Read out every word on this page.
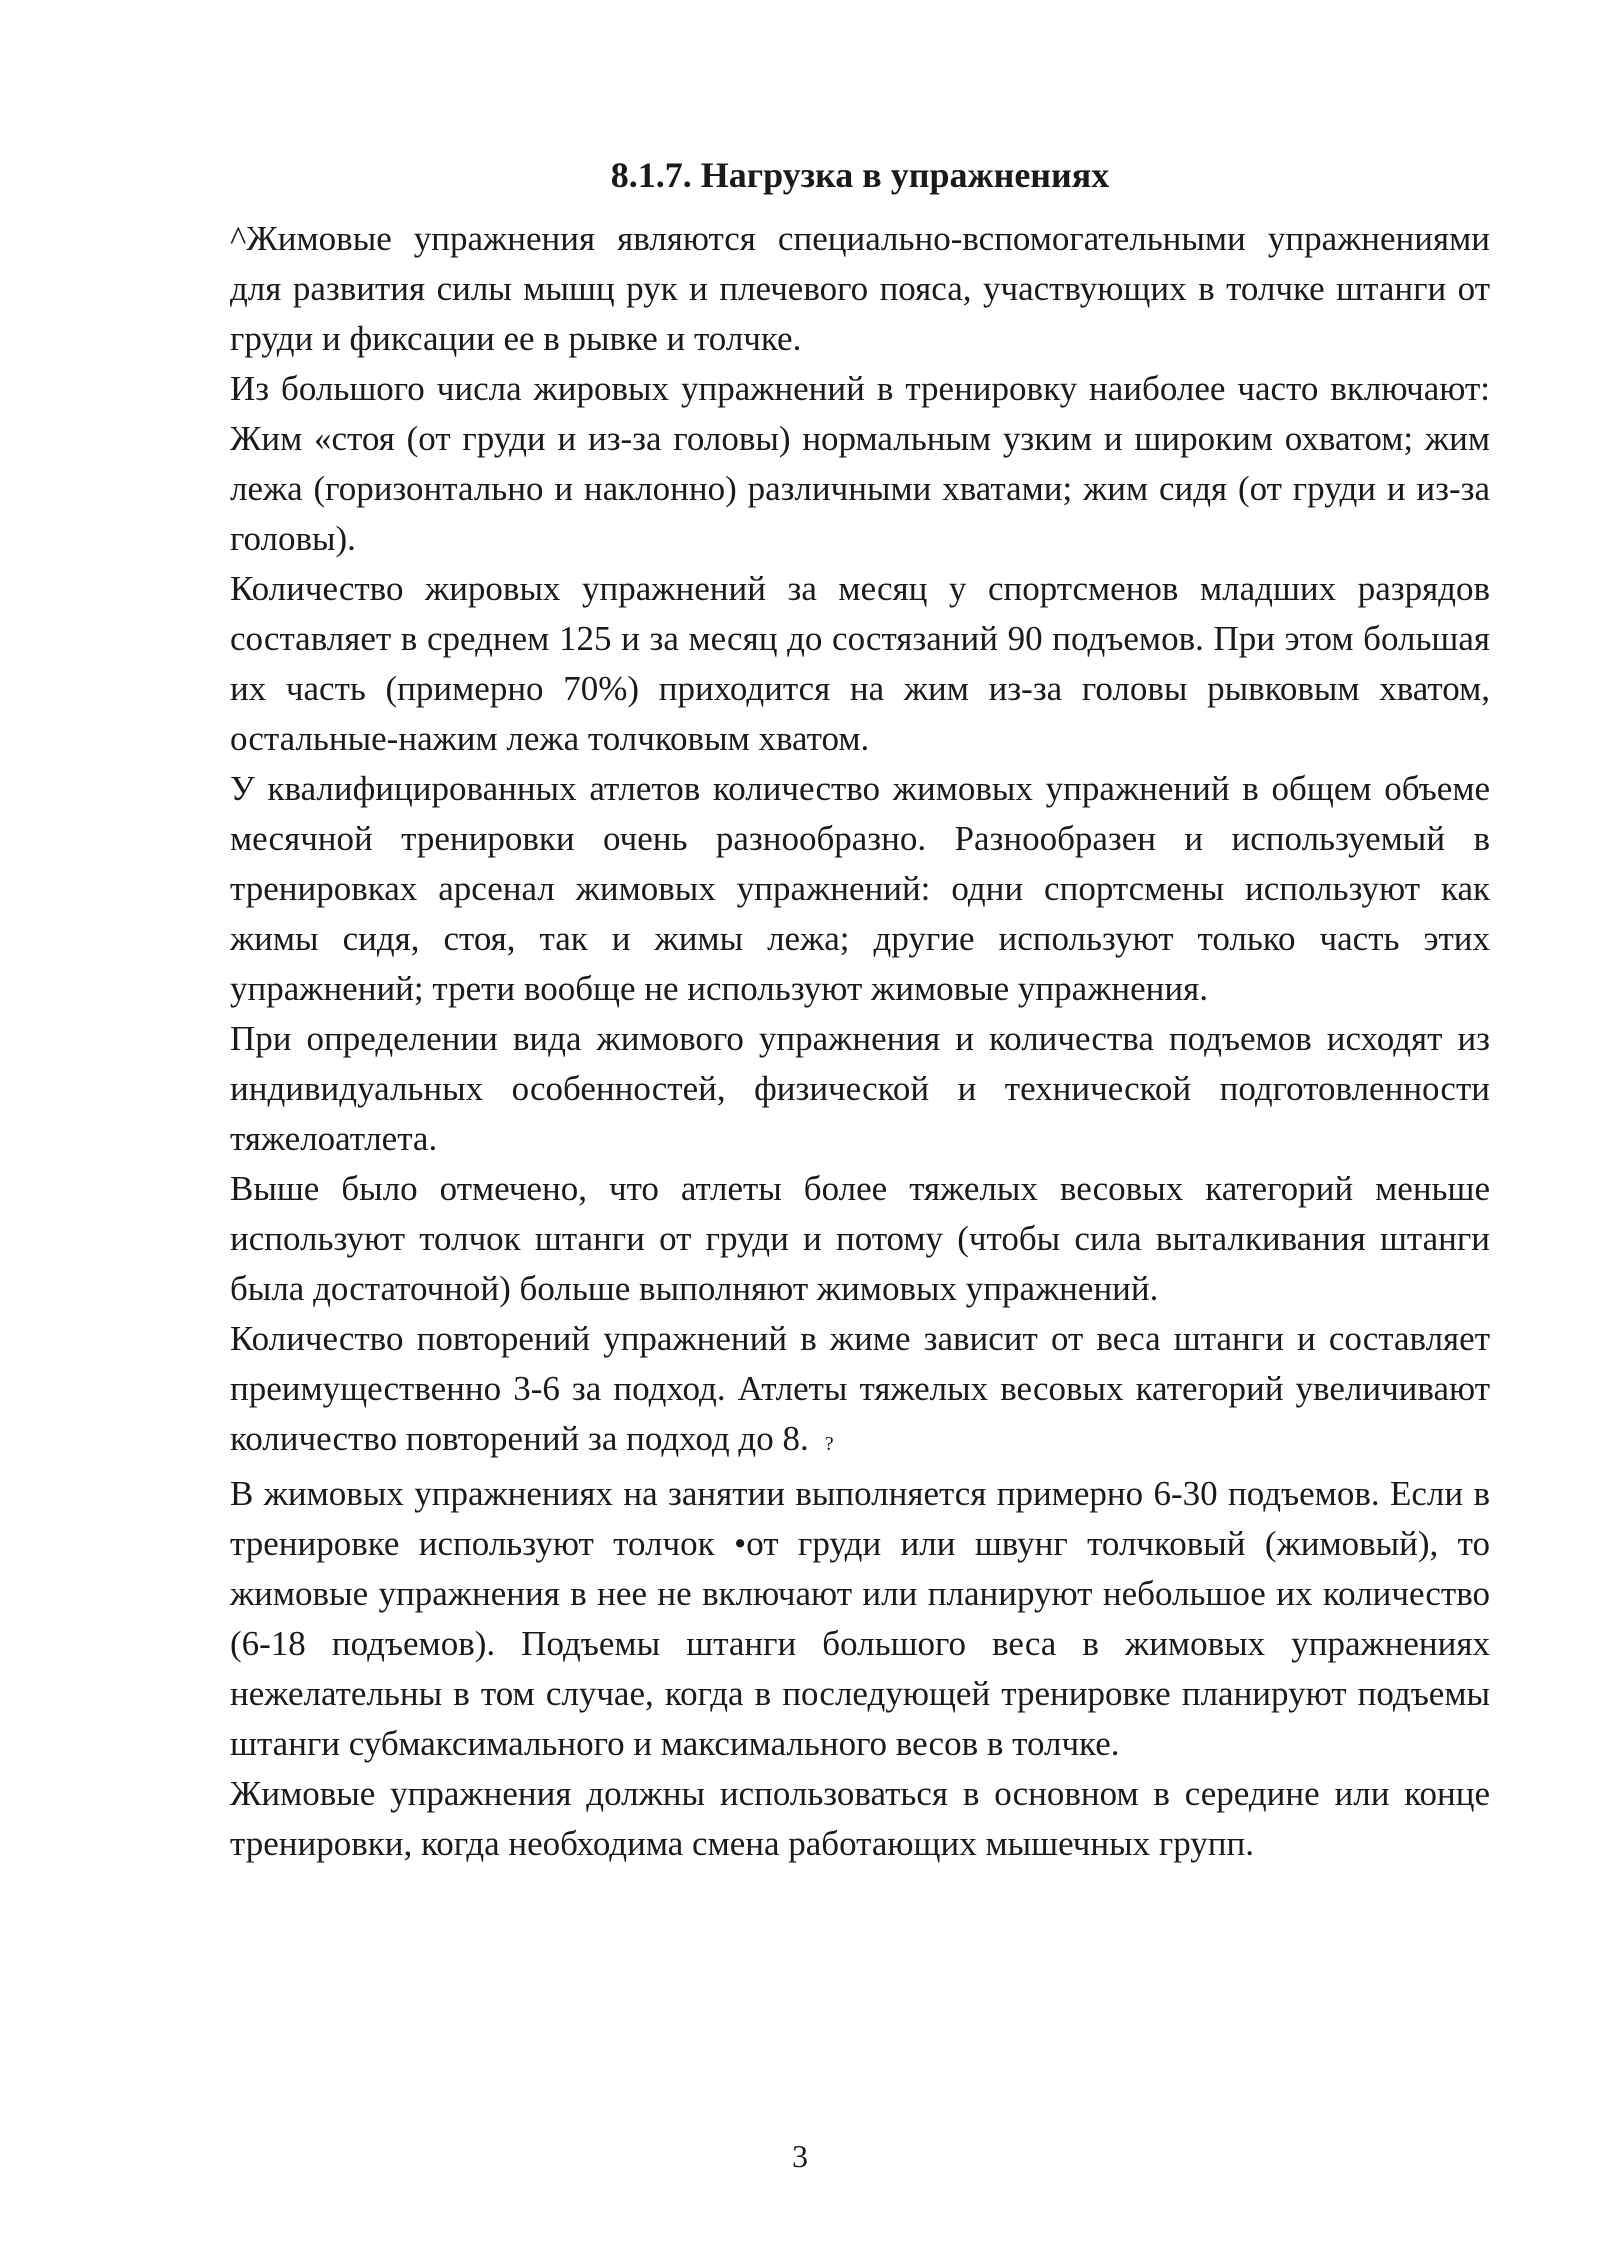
8.1.7. Нагрузка в упражнениях

^Жимовые упражнения являются специально-вспомогательными упражнениями для развития силы мышц рук и плечевого пояса, участвующих в толчке штанги от груди и фиксации ее в рывке и толчке.

Из большого числа жировых упражнений в тренировку наиболее часто включают: Жим «стоя (от груди и из-за головы) нормальным узким и широким охватом; жим лежа (горизонтально и наклонно) различными хватами; жим сидя (от груди и из-за головы).

Количество жировых упражнений за месяц у спортсменов младших разрядов составляет в среднем 125 и за месяц до состязаний 90 подъемов. При этом большая их часть (примерно 70%) приходится на жим из-за головы рывковым хватом, остальные-нажим лежа толчковым хватом.

У квалифицированных атлетов количество жимовых упражнений в общем объеме месячной тренировки очень разнообразно. Разнообразен и используемый в тренировках арсенал жимовых упражнений: одни спортсмены используют как жимы сидя, стоя, так и жимы лежа; другие используют только часть этих упражнений; трети вообще не используют жимовые упражнения.

При определении вида жимового упражнения и количества подъемов исходят из индивидуальных особенностей, физической и технической подготовленности тяжелоатлета.

Выше было отмечено, что атлеты более тяжелых весовых категорий меньше используют толчок штанги от груди и потому (чтобы сила выталкивания штанги была достаточной) больше выполняют жимовых упражнений.

Количество повторений упражнений в жиме зависит от веса штанги и составляет преимущественно 3-6 за подход. Атлеты тяжелых весовых категорий увеличивают количество повторений за подход до 8. ?

В жимовых упражнениях на занятии выполняется примерно 6-30 подъемов. Если в тренировке используют толчок •от груди или швунг толчковый (жимовый), то жимовые упражнения в нее не включают или планируют небольшое их количество (6-18 подъемов). Подъемы штанги большого веса в жимовых упражнениях нежелательны в том случае, когда в последующей тренировке планируют подъемы штанги субмаксимального и максимального весов в толчке.

Жимовые упражнения должны использоваться в основном в середине или конце тренировки, когда необходима смена работающих мышечных групп.

3
